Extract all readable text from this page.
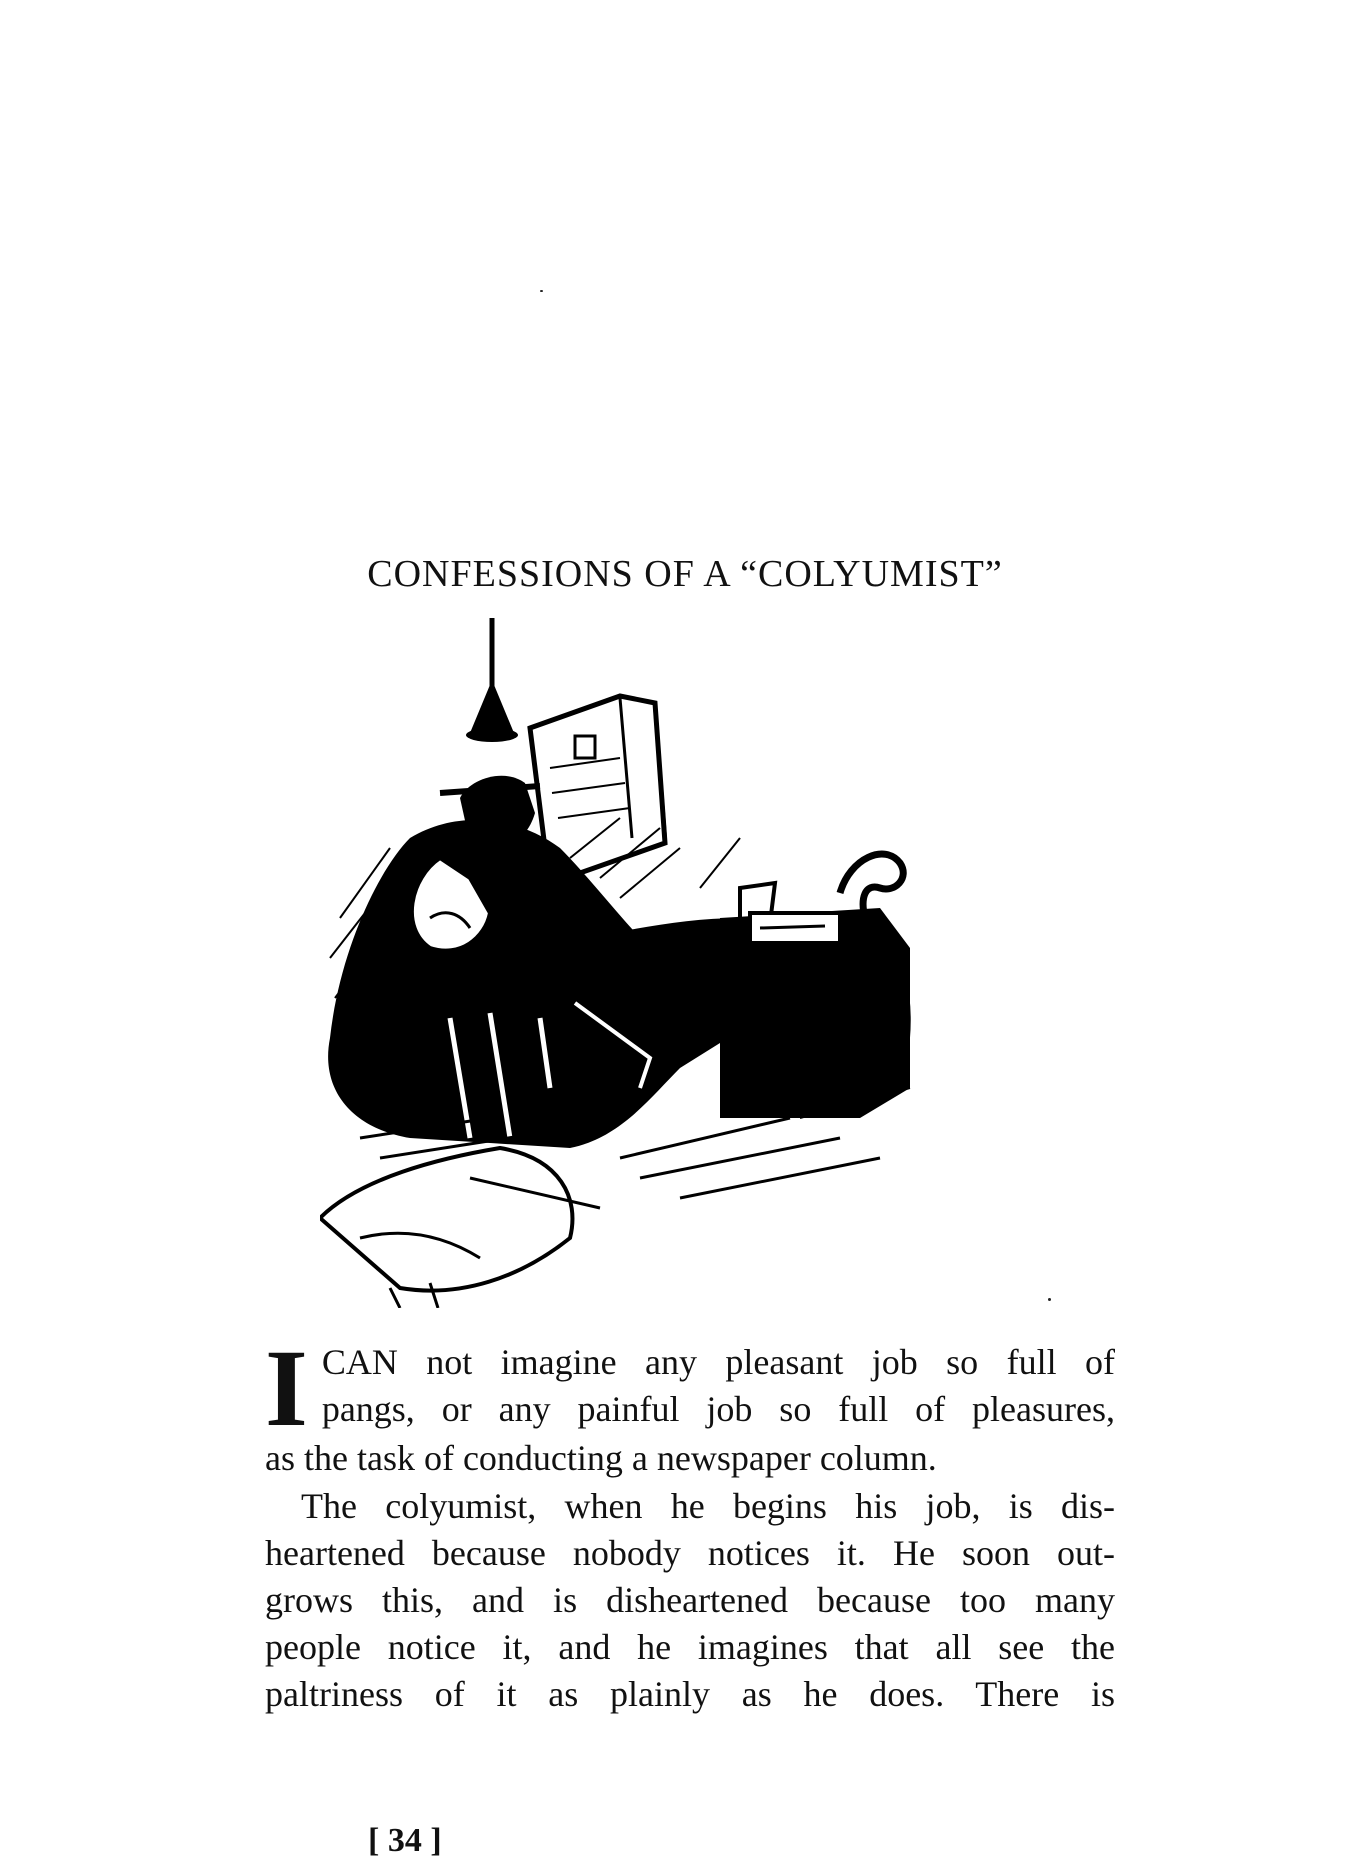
CONFESSIONS OF A “COLYUMIST”
I CAN not imagine any pleasant job so full of
pangs, or any painful job so full of pleasures,
as the task of conducting a newspaper column.
The colyumist, when he begins his job, is dis-
heartened because nobody notices it. He soon out-
grows this, and is disheartened because too many
people notice it, and he imagines that all see the
paltriness of it as plainly as he does. There is
[ 34 ]
